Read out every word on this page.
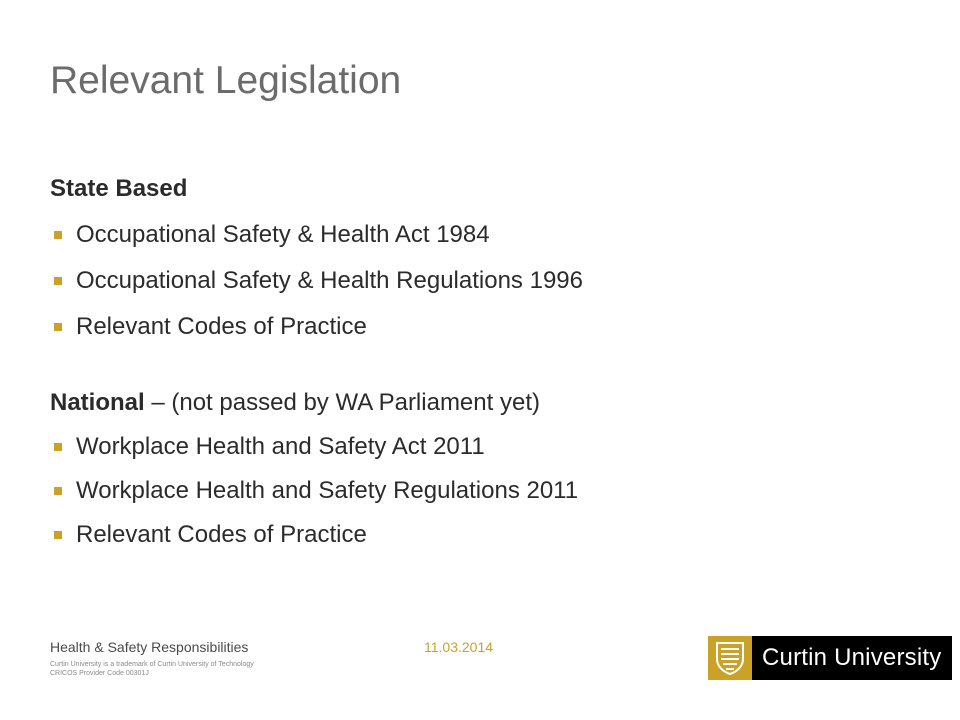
Relevant Legislation

State Based

Occupational Safety & Health Act 1984
Occupational Safety & Health Regulations 1996
Relevant Codes of Practice

National – (not passed by WA Parliament yet)

Workplace Health and Safety Act 2011
Workplace Health and Safety Regulations 2011
Relevant Codes of Practice
Health & Safety Responsibilities	11.03.2014
Curtin University is a trademark of Curtin University of Technology
CRICOS Provider Code 00301J
Curtin University
